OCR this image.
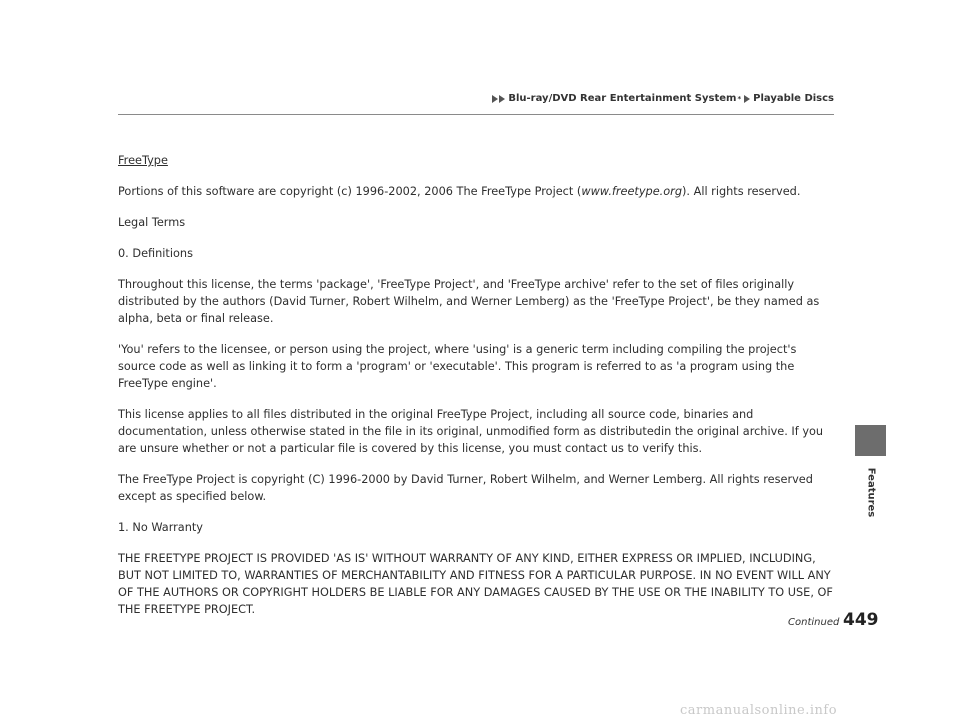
Blu-ray/DVD Rear Entertainment System * Playable Discs

FreeType

Portions of this software are copyright (c) 1996-2002, 2006 The FreeType Project (www.freetype.org). All rights reserved.

Legal Terms

0. Definitions

Throughout this license, the terms 'package', 'FreeType Project', and 'FreeType archive' refer to the set of files originally distributed by the authors (David Turner, Robert Wilhelm, and Werner Lemberg) as the 'FreeType Project', be they named as alpha, beta or final release.

'You' refers to the licensee, or person using the project, where 'using' is a generic term including compiling the project's source code as well as linking it to form a 'program' or 'executable'. This program is referred to as 'a program using the FreeType engine'.

This license applies to all files distributed in the original FreeType Project, including all source code, binaries and documentation, unless otherwise stated in the file in its original, unmodified form as distributedin the original archive. If you are unsure whether or not a particular file is covered by this license, you must contact us to verify this.

The FreeType Project is copyright (C) 1996-2000 by David Turner, Robert Wilhelm, and Werner Lemberg. All rights reserved except as specified below.

1. No Warranty

THE FREETYPE PROJECT IS PROVIDED 'AS IS' WITHOUT WARRANTY OF ANY KIND, EITHER EXPRESS OR IMPLIED, INCLUDING, BUT NOT LIMITED TO, WARRANTIES OF MERCHANTABILITY AND FITNESS FOR A PARTICULAR PURPOSE. IN NO EVENT WILL ANY OF THE AUTHORS OR COPYRIGHT HOLDERS BE LIABLE FOR ANY DAMAGES CAUSED BY THE USE OR THE INABILITY TO USE, OF THE FREETYPE PROJECT.

Features
Continued 449
carmanualsonline.info
